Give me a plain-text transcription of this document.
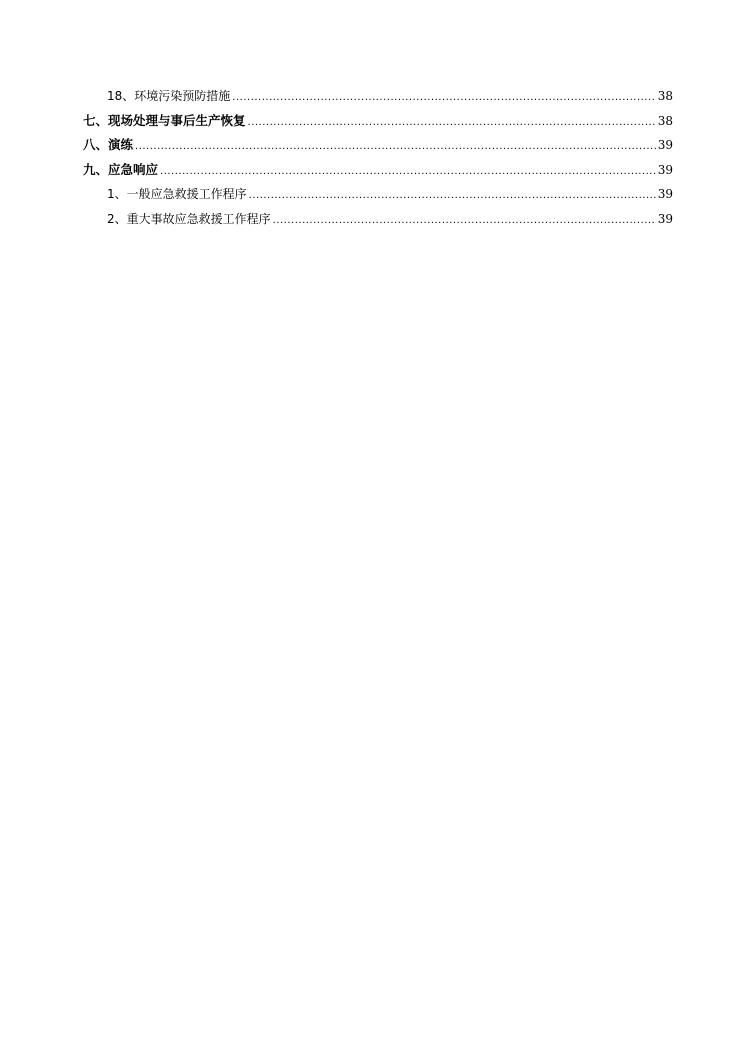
18、环境污染预防措施 .....	38
七、现场处理与事后生产恢复 .....	38
八、演练 .....	39
九、应急响应 .....	39
1、一般应急救援工作程序 .....	39
2、重大事故应急救援工作程序 .....	39
